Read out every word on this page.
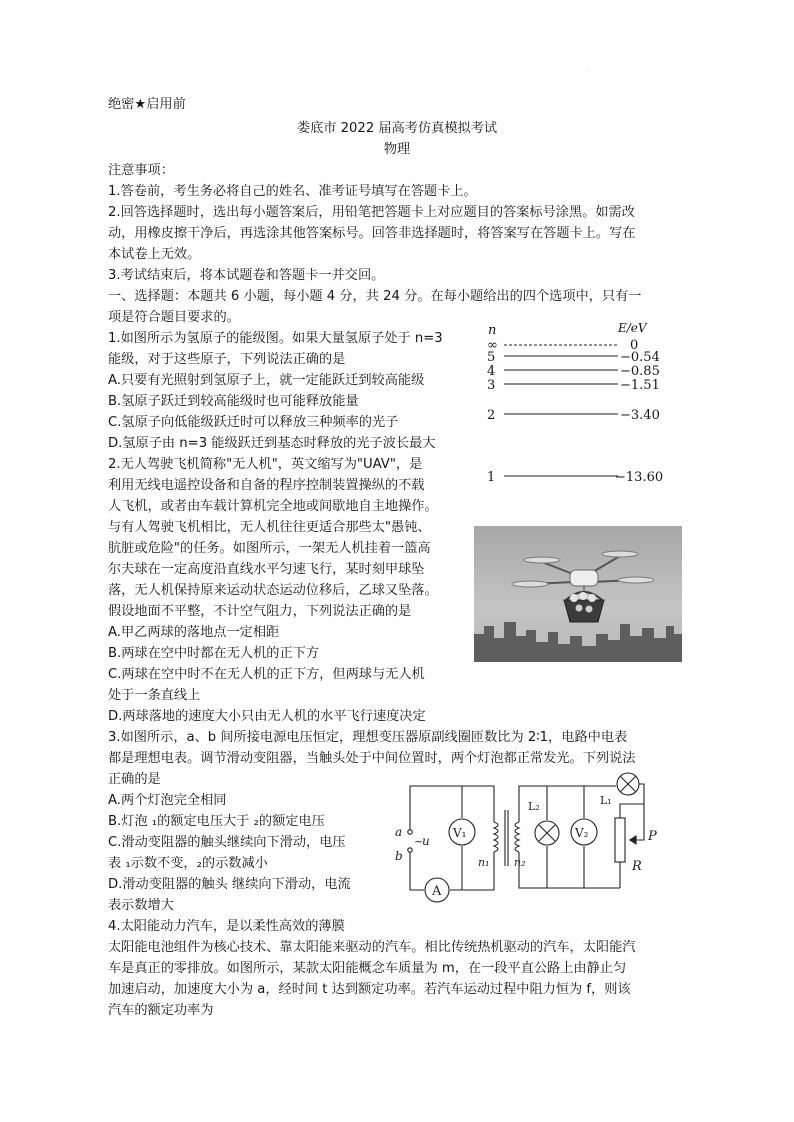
.
绝密★启用前
娄底市 2022 届高考仿真模拟考试
物理
注意事项：
1.答卷前，考生务必将自己的姓名、准考证号填写在答题卡上。
2.回答选择题时，选出每小题答案后，用铅笔把答题卡上对应题目的答案标号涂黑。如需改
动，用橡皮擦干净后，再选涂其他答案标号。回答非选择题时，将答案写在答题卡上。写在
本试卷上无效。
3.考试结束后，将本试题卷和答题卡一并交回。
一、选择题：本题共 6 小题，每小题 4 分，共 24 分。在每小题给出的四个选项中，只有一
项是符合题目要求的。
1.如图所示为氢原子的能级图。如果大量氢原子处于 n=3
能级，对于这些原子，下列说法正确的是
A.只要有光照射到氢原子上，就一定能跃迁到较高能级
B.氢原子跃迁到较高能级时也可能释放能量
C.氢原子向低能级跃迁时可以释放三种频率的光子
D.氢原子由 n=3 能级跃迁到基态时释放的光子波长最大
2.无人驾驶飞机简称"无人机"，英文缩写为"UAV"，是
利用无线电遥控设备和自备的程序控制装置操纵的不载
人飞机，或者由车载计算机完全地或间歇地自主地操作。
与有人驾驶飞机相比，无人机往往更适合那些太"愚钝、
肮脏或危险"的任务。如图所示，一架无人机挂着一篮高
尔夫球在一定高度沿直线水平匀速飞行，某时刻甲球坠
落，无人机保持原来运动状态运动位移后，乙球又坠落。
假设地面不平整，不计空气阻力，下列说法正确的是
A.甲乙两球的落地点一定相距
B.两球在空中时都在无人机的正下方
C.两球在空中时不在无人机的正下方，但两球与无人机
处于一条直线上
D.两球落地的速度大小只由无人机的水平飞行速度决定
3.如图所示，a、b 间所接电源电压恒定，理想变压器原副线圈匝数比为 2∶1，电路中电表
都是理想电表。调节滑动变阻器，当触头处于中间位置时，两个灯泡都正常发光。下列说法
正确的是
A.两个灯泡完全相同
B.灯泡 ₁的额定电压大于 ₂的额定电压
C.滑动变阻器的触头继续向下滑动，电压
表 ₁示数不变，₂的示数减小
D.滑动变阻器的触头 继续向下滑动，电流
表示数增大
4.太阳能动力汽车，是以柔性高效的薄膜
太阳能电池组件为核心技术、靠太阳能来驱动的汽车。相比传统热机驱动的汽车，太阳能汽
车是真正的零排放。如图所示，某款太阳能概念车质量为 m，在一段平直公路上由静止匀
加速启动，加速度大小为 a，经时间 t 达到额定功率。若汽车运动过程中阻力恒为 f，则该
汽车的额定功率为
n	E/eV
∞	0
5	−0.54
4	−0.85
3	−1.51
2	−3.40
1	−13.60
a
b
~
u
A
V₁
n₁ n₂
L₂
V₂
L₁
P
R
